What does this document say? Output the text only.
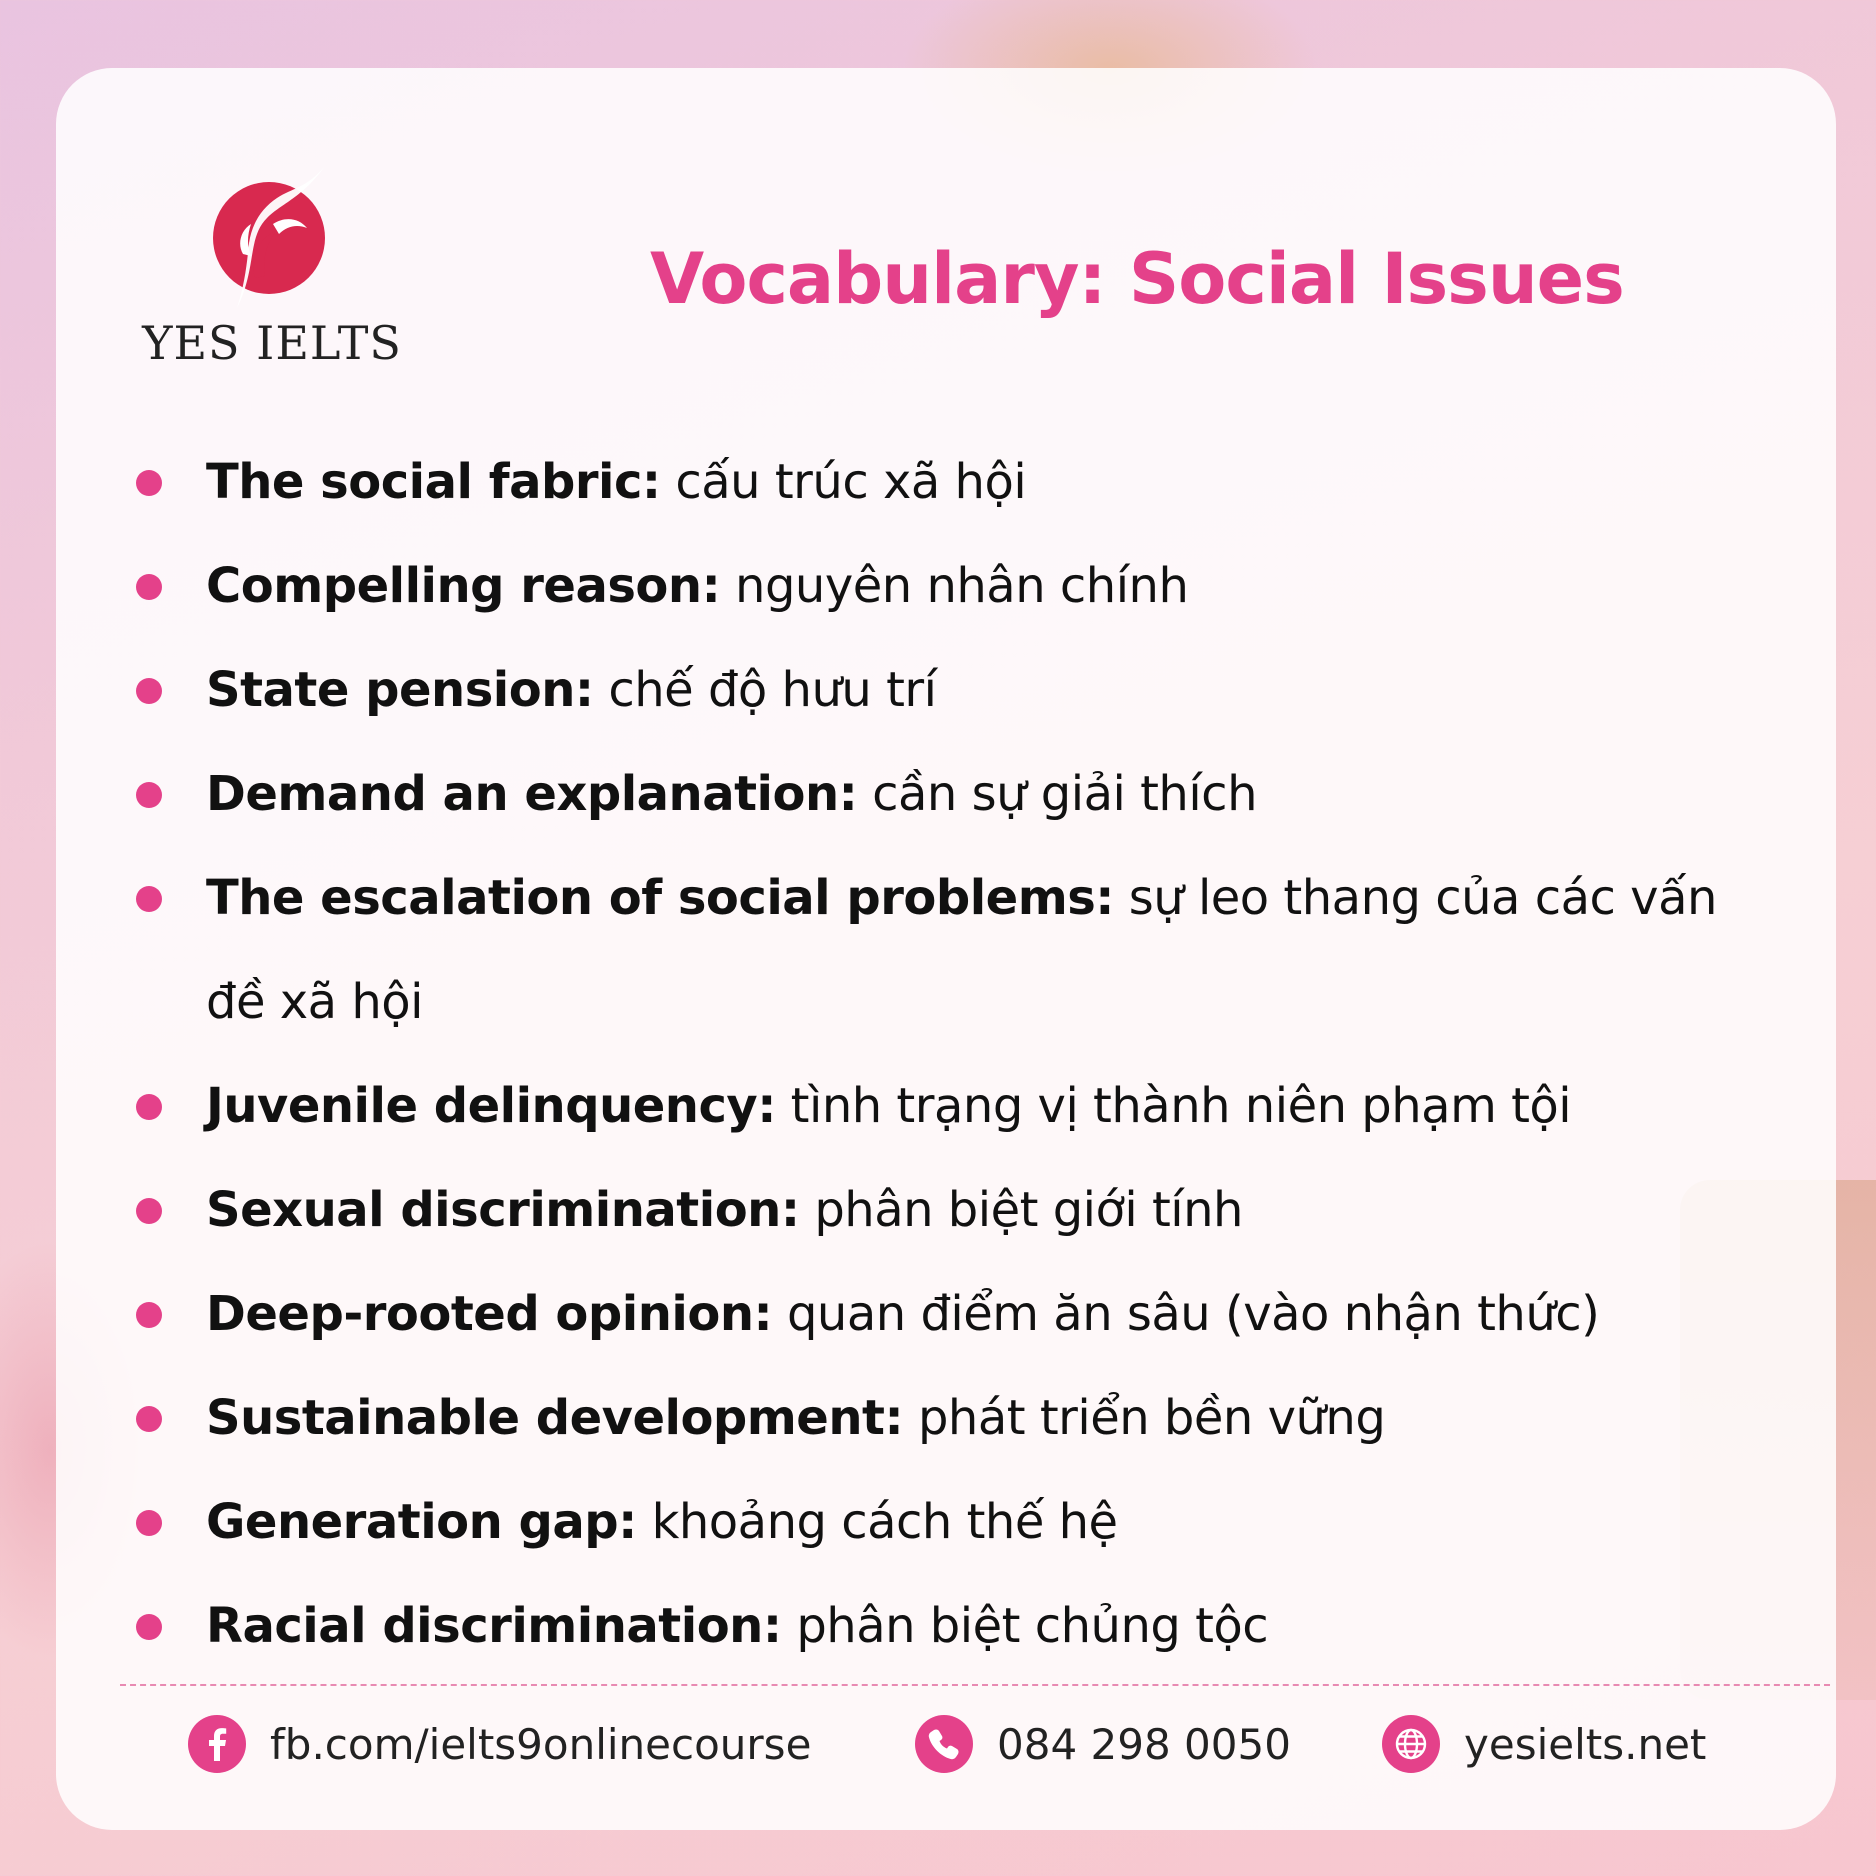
YES IELTS
Vocabulary: Social Issues
The social fabric: cấu trúc xã hội
Compelling reason: nguyên nhân chính
State pension: chế độ hưu trí
Demand an explanation: cần sự giải thích
The escalation of social problems: sự leo thang của các vấn đề xã hội
Juvenile delinquency: tình trạng vị thành niên phạm tội
Sexual discrimination: phân biệt giới tính
Deep-rooted opinion: quan điểm ăn sâu (vào nhận thức)
Sustainable development: phát triển bền vững
Generation gap: khoảng cách thế hệ
Racial discrimination: phân biệt chủng tộc
fb.com/ielts9onlinecourse	084 298 0050	yesielts.net
